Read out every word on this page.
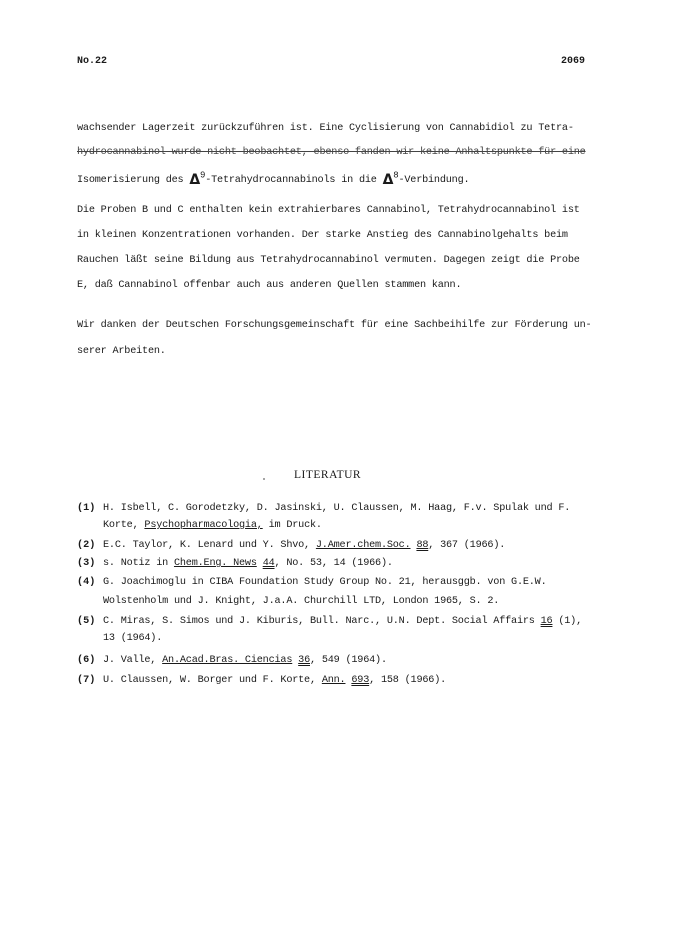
No.22	2069
wachsender Lagerzeit zurückzuführen ist. Eine Cyclisierung von Cannabidiol zu Tetra-
hydrocannabinol wurde nicht beobachtet, ebenso fanden wir keine Anhaltspunkte für eine
Isomerisierung des $\Delta^9$-Tetrahydrocannabinols in die $\Delta^8$-Verbindung.
Die Proben B und C enthalten kein extrahierbares Cannabinol, Tetrahydrocannabinol ist
in kleinen Konzentrationen vorhanden. Der starke Anstieg des Cannabinolgehalts beim
Rauchen läßt seine Bildung aus Tetrahydrocannabinol vermuten. Dagegen zeigt die Probe
E, daß Cannabinol offenbar auch aus anderen Quellen stammen kann.
Wir danken der Deutschen Forschungsgemeinschaft für eine Sachbeihilfe zur Förderung un-
serer Arbeiten.
LITERATUR
(1) H. Isbell, C. Gorodetzky, D. Jasinski, U. Claussen, M. Haag, F.v. Spulak und F.
Korte, Psychopharmacologia, im Druck.
(2) E.C. Taylor, K. Lenard und Y. Shvo, J.Amer.chem.Soc. 88, 367 (1966).
(3) s. Notiz in Chem.Eng. News 44, No. 53, 14 (1966).
(4) G. Joachimoglu in CIBA Foundation Study Group No. 21, herausggb. von G.E.W.
Wolstenholm und J. Knight, J.a.A. Churchill LTD, London 1965, S. 2.
(5) C. Miras, S. Simos und J. Kiburis, Bull. Narc., U.N. Dept. Social Affairs 16 (1),
13 (1964).
(6) J. Valle, An.Acad.Bras. Ciencias 36, 549 (1964).
(7) U. Claussen, W. Borger und F. Korte, Ann. 693, 158 (1966).
